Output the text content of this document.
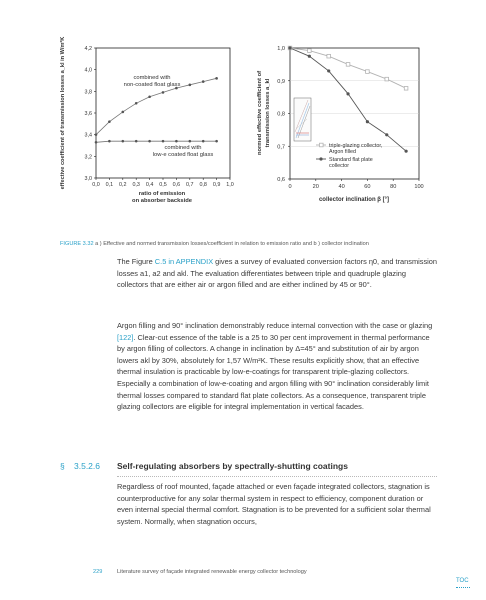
3,0
3,2
3,4
3,6
3,8
4,0
4,2
0,0 0,1 0,2 0,3 0,4 0,5 0,6 0,7 0,8 0,9 1,0
combined with
non-coated float glass
combined with
low-e coated float glass
ratio of emission
on absorber backside
effective coefficient of transmission losses a_kl in W/m²K	0,6
0,7
0,8
0,9
1,0
0	20	40	60	80	100
triple-glazing collector,
Argon filled
Standard flat plate
collector
collector inclination β [°]
normed effective coefficient of transmission losses a_kl
FIGURE 3.32 a ) Effective and normed transmission losses/coefficient in relation to emission ratio and b ) collector inclination
The Figure C.5 in APPENDIX gives a survey of evaluated conversion factors η0, and transmission losses a1, a2 and akl. The evaluation differentiates between triple and quadruple glazing collectors that are either air or argon filled and are either inclined by 45 or 90°.
Argon filling and 90° inclination demonstrably reduce internal convection with the case or glazing [122]. Clear-cut essence of the table is a 25 to 30 per cent improvement in thermal performance by argon filling of collectors. A change in inclination by Δ=45° and substitution of air by argon lowers akl by 30%, absolutely for 1,57 W/m²K. These results explicitly show, that an effective thermal insulation is practicable by low-e-coatings for transparent triple-glazing collectors. Especially a combination of low-e-coating and argon filling with 90° inclination considerably limit thermal losses compared to standard flat plate collectors. As a consequence, transparent triple glazing collectors are eligible for integral implementation in vertical facades.
§ 3.5.2.6 Self-regulating absorbers by spectrally-shutting coatings
Regardless of roof mounted, façade attached or even façade integrated collectors, stagnation is counterproductive for any solar thermal system in respect to efficiency, component duration or even internal special thermal comfort. Stagnation is to be prevented for a sufficient solar thermal system. Normally, when stagnation occurs,
229	Literature survey of façade integrated renewable energy collector technology
TOC
